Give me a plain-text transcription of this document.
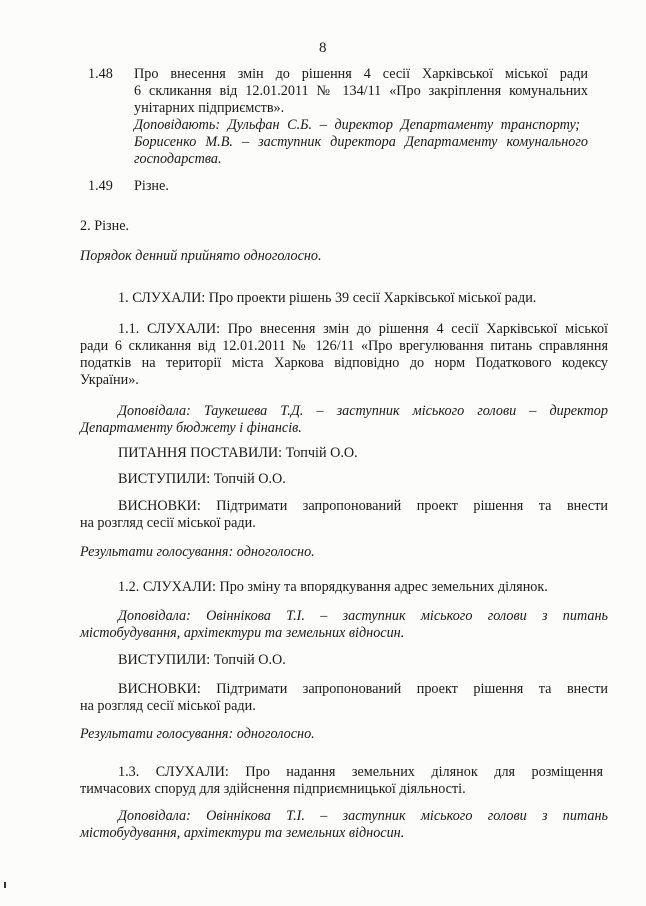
8
1.48 Про внесення змін до рішення 4 сесії Харківської міської ради
6 скликання від 12.01.2011 № 134/11 «Про закріплення комунальних
унітарних підприємств».
Доповідають: Дульфан С.Б. – директор Департаменту транспорту;
Борисенко М.В. – заступник директора Департаменту комунального
господарства.
1.49 Різне.
2. Різне.
Порядок денний прийнято одноголосно.
1. СЛУХАЛИ: Про проекти рішень 39 сесії Харківської міської ради.
1.1. СЛУХАЛИ: Про внесення змін до рішення 4 сесії Харківської міської
ради 6 скликання від 12.01.2011 № 126/11 «Про врегулювання питань справляння
податків на території міста Харкова відповідно до норм Податкового кодексу
України».
Доповідала: Таукешева Т.Д. – заступник міського голови – директор
Департаменту бюджету і фінансів.
ПИТАННЯ ПОСТАВИЛИ: Топчій О.О.
ВИСТУПИЛИ: Топчій О.О.
ВИСНОВКИ: Підтримати запропонований проект рішення та внести
на розгляд сесії міської ради.
Результати голосування: одноголосно.
1.2. СЛУХАЛИ: Про зміну та впорядкування адрес земельних ділянок.
Доповідала: Овіннікова Т.І. – заступник міського голови з питань
містобудування, архітектури та земельних відносин.
ВИСТУПИЛИ: Топчій О.О.
ВИСНОВКИ: Підтримати запропонований проект рішення та внести
на розгляд сесії міської ради.
Результати голосування: одноголосно.
1.3. СЛУХАЛИ: Про надання земельних ділянок для розміщення
тимчасових споруд для здійснення підприємницької діяльності.
Доповідала: Овіннікова Т.І. – заступник міського голови з питань
містобудування, архітектури та земельних відносин.
